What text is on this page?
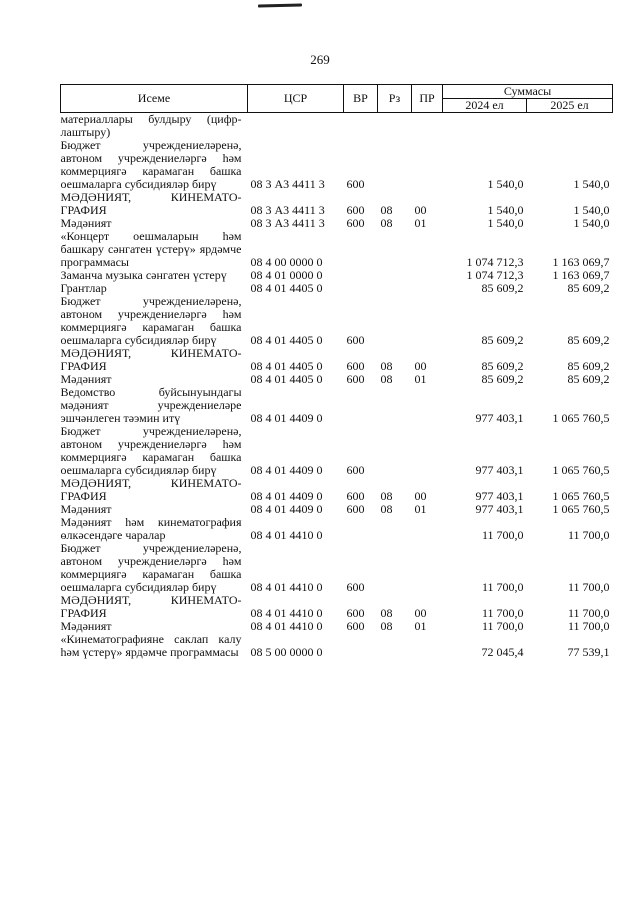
269
Исеме	ЦСР	ВР	Рз	ПР	Суммасы	
					2024 ел	2025 ел
материаллары булдыру (цифр-лаштыру)						
Бюджет учреждениеләренә, автоном учреждениеләргә һәм коммерциягә карамаган башка оешмаларга субсидияләр бирү	08 3 А3 4411 3	600			1 540,0	1 540,0
МӘДӘНИЯТ, КИНЕМАТО-ГРАФИЯ	08 3 А3 4411 3	600	08	00	1 540,0	1 540,0
Мәдәният	08 3 А3 4411 3	600	08	01	1 540,0	1 540,0
«Концерт оешмаларын һәм башкару сәнгатен үстерү» ярдәмче программасы	08 4 00 0000 0				1 074 712,3	1 163 069,7
Заманча музыка сәнгатен үстерү	08 4 01 0000 0				1 074 712,3	1 163 069,7
Грантлар	08 4 01 4405 0				85 609,2	85 609,2
Бюджет учреждениеләренә, автоном учреждениеләргә һәм коммерциягә карамаган башка оешмаларга субсидияләр бирү	08 4 01 4405 0	600			85 609,2	85 609,2
МӘДӘНИЯТ, КИНЕМАТО-ГРАФИЯ	08 4 01 4405 0	600	08	00	85 609,2	85 609,2
Мәдәният	08 4 01 4405 0	600	08	01	85 609,2	85 609,2
Ведомство буйсынуындагы мәдәният учреждениеләре эшчәнлеген тәэмин итү	08 4 01 4409 0				977 403,1	1 065 760,5
Бюджет учреждениеләренә, автоном учреждениеләргә һәм коммерциягә карамаган башка оешмаларга субсидияләр бирү	08 4 01 4409 0	600			977 403,1	1 065 760,5
МӘДӘНИЯТ, КИНЕМАТО-ГРАФИЯ	08 4 01 4409 0	600	08	00	977 403,1	1 065 760,5
Мәдәният	08 4 01 4409 0	600	08	01	977 403,1	1 065 760,5
Мәдәният һәм кинематография өлкәсендәге чаралар	08 4 01 4410 0				11 700,0	11 700,0
Бюджет учреждениеләренә, автоном учреждениеләргә һәм коммерциягә карамаган башка оешмаларга субсидияләр бирү	08 4 01 4410 0	600			11 700,0	11 700,0
МӘДӘНИЯТ, КИНЕМАТО-ГРАФИЯ	08 4 01 4410 0	600	08	00	11 700,0	11 700,0
Мәдәният	08 4 01 4410 0	600	08	01	11 700,0	11 700,0
«Кинематографияне саклап калу һәм үстерү» ярдәмче программасы	08 5 00 0000 0				72 045,4	77 539,1
